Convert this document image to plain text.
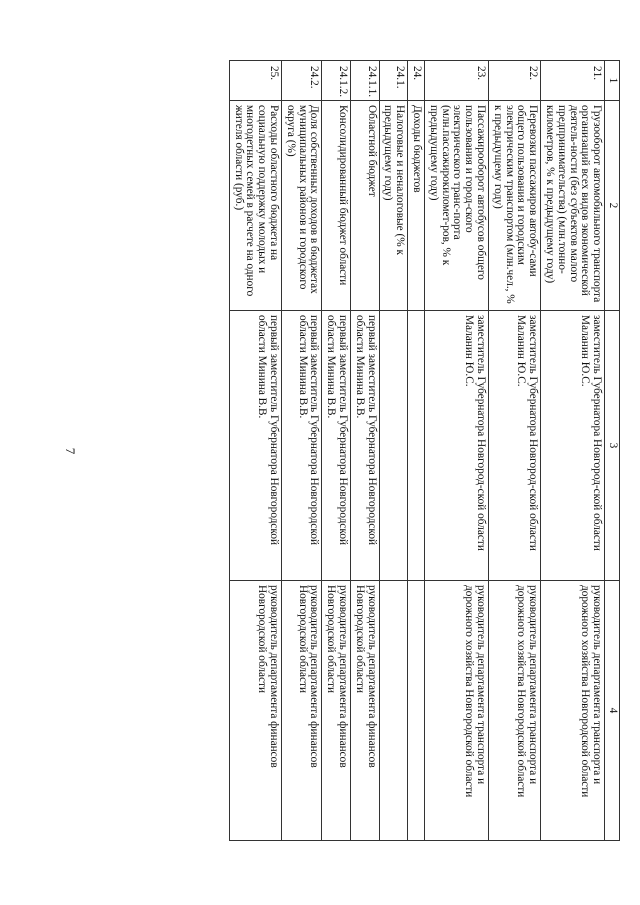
7
1	2	3	4
21.	Грузооборот автомобильного транспорта организаций всех видов экономической деятель-ности (без субъектов малого предпринимательства) (млн.тонно-километров, % к предыдущему году)	заместитель Губернатора Новгород-ской области Маланин Ю.С.	руководитель департамента транспорта и дорожного хозяйства Новгородской области
22.	Перевозки пассажиров автобу-сами общего пользования и городским электрическим транспортом (млн.чел., % к предыдущему году)	заместитель Губернатора Новгород-ской области Маланин Ю.С.	руководитель департамента транспорта и дорожного хозяйства Новгородской области
23.	Пассажирооборот автобусов общего пользования и город-ского электрического транс-порта (млн.пассажирокиломет-ров, % к предыдущему году)	заместитель Губернатора Новгород-ской области Маланин Ю.С.	руководитель департамента транспорта и дорожного хозяйства Новгородской области
24.	Доходы бюджетов		
24.1.	Налоговые и неналоговые (% к предыдущему году)		
24.1.1.	Областной бюджет	первый заместитель Губернатора Новгородской области Минина В.В.	руководитель департамента финансов Новгородской области
24.1.2.	Консолидированный бюджет области	первый заместитель Губернатора Новгородской области Минина В.В.	руководитель департамента финансов Новгородской области
24.2.	Доля собственных доходов в бюджетах муниципальных районов и городского округа (%)	первый заместитель Губернатора Новгородской области Минина В.В.	руководитель департамента финансов Новгородской области
25.	Расходы областного бюджета на социальную поддержку молодых и многодетных семей в расчете на одного жителя области (руб.)	первый заместитель Губернатора Новгородской области Минина В.В.	руководитель департамента финансов Новгородской области
